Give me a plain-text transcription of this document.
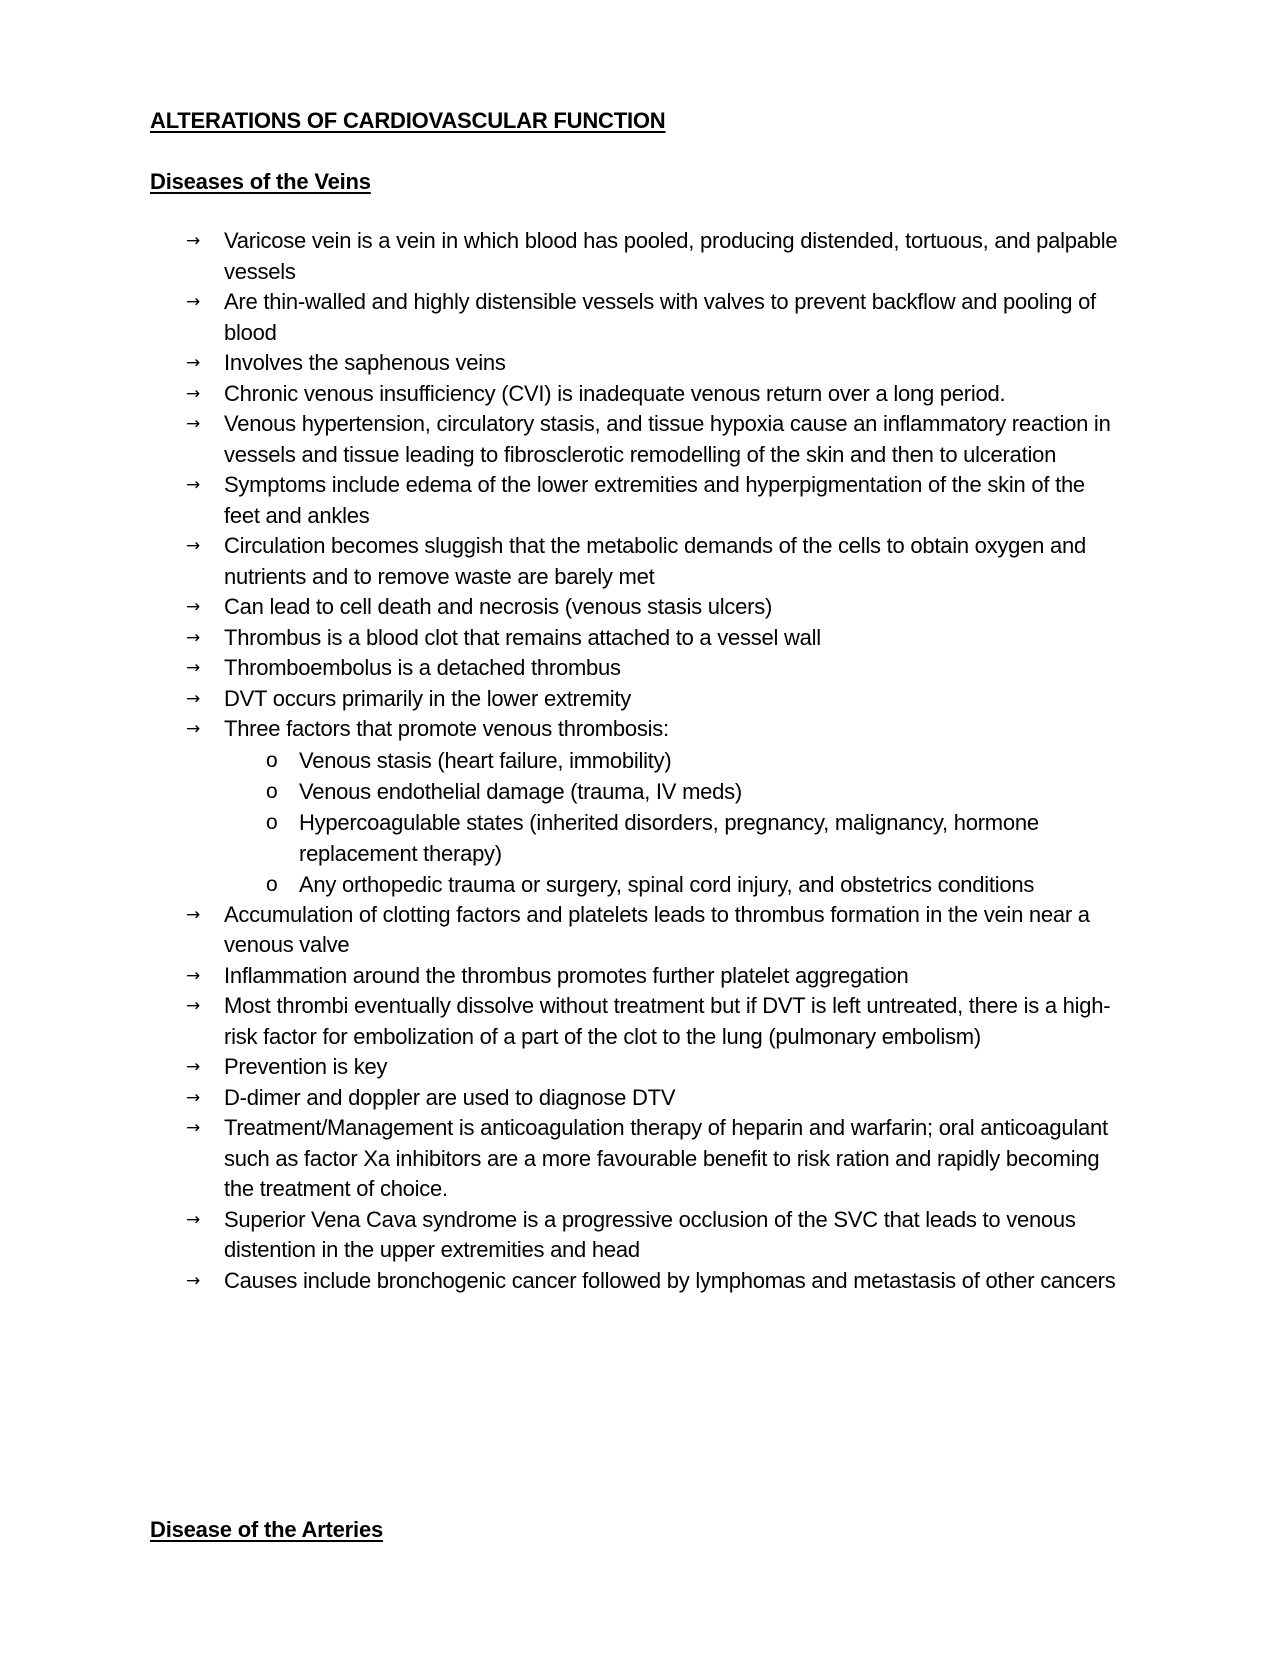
ALTERATIONS OF CARDIOVASCULAR FUNCTION
Diseases of the Veins
→	Varicose vein is a vein in which blood has pooled, producing distended, tortuous, and palpable vessels
→	Are thin-walled and highly distensible vessels with valves to prevent backflow and pooling of blood
→	Involves the saphenous veins
→	Chronic venous insufficiency (CVI) is inadequate venous return over a long period.
→	Venous hypertension, circulatory stasis, and tissue hypoxia cause an inflammatory reaction in vessels and tissue leading to fibrosclerotic remodelling of the skin and then to ulceration
→	Symptoms include edema of the lower extremities and hyperpigmentation of the skin of the feet and ankles
→	Circulation becomes sluggish that the metabolic demands of the cells to obtain oxygen and nutrients and to remove waste are barely met
→	Can lead to cell death and necrosis (venous stasis ulcers)
→	Thrombus is a blood clot that remains attached to a vessel wall
→	Thromboembolus is a detached thrombus
→	DVT occurs primarily in the lower extremity
→	Three factors that promote venous thrombosis:
o Venous stasis (heart failure, immobility)
o Venous endothelial damage (trauma, IV meds)
o Hypercoagulable states (inherited disorders, pregnancy, malignancy, hormone replacement therapy)
o Any orthopedic trauma or surgery, spinal cord injury, and obstetrics conditions
→	Accumulation of clotting factors and platelets leads to thrombus formation in the vein near a venous valve
→	Inflammation around the thrombus promotes further platelet aggregation
→	Most thrombi eventually dissolve without treatment but if DVT is left untreated, there is a high-risk factor for embolization of a part of the clot to the lung (pulmonary embolism)
→	Prevention is key
→	D-dimer and doppler are used to diagnose DTV
→	Treatment/Management is anticoagulation therapy of heparin and warfarin; oral anticoagulant such as factor Xa inhibitors are a more favourable benefit to risk ration and rapidly becoming the treatment of choice.
→	Superior Vena Cava syndrome is a progressive occlusion of the SVC that leads to venous distention in the upper extremities and head
→	Causes include bronchogenic cancer followed by lymphomas and metastasis of other cancers
Disease of the Arteries
